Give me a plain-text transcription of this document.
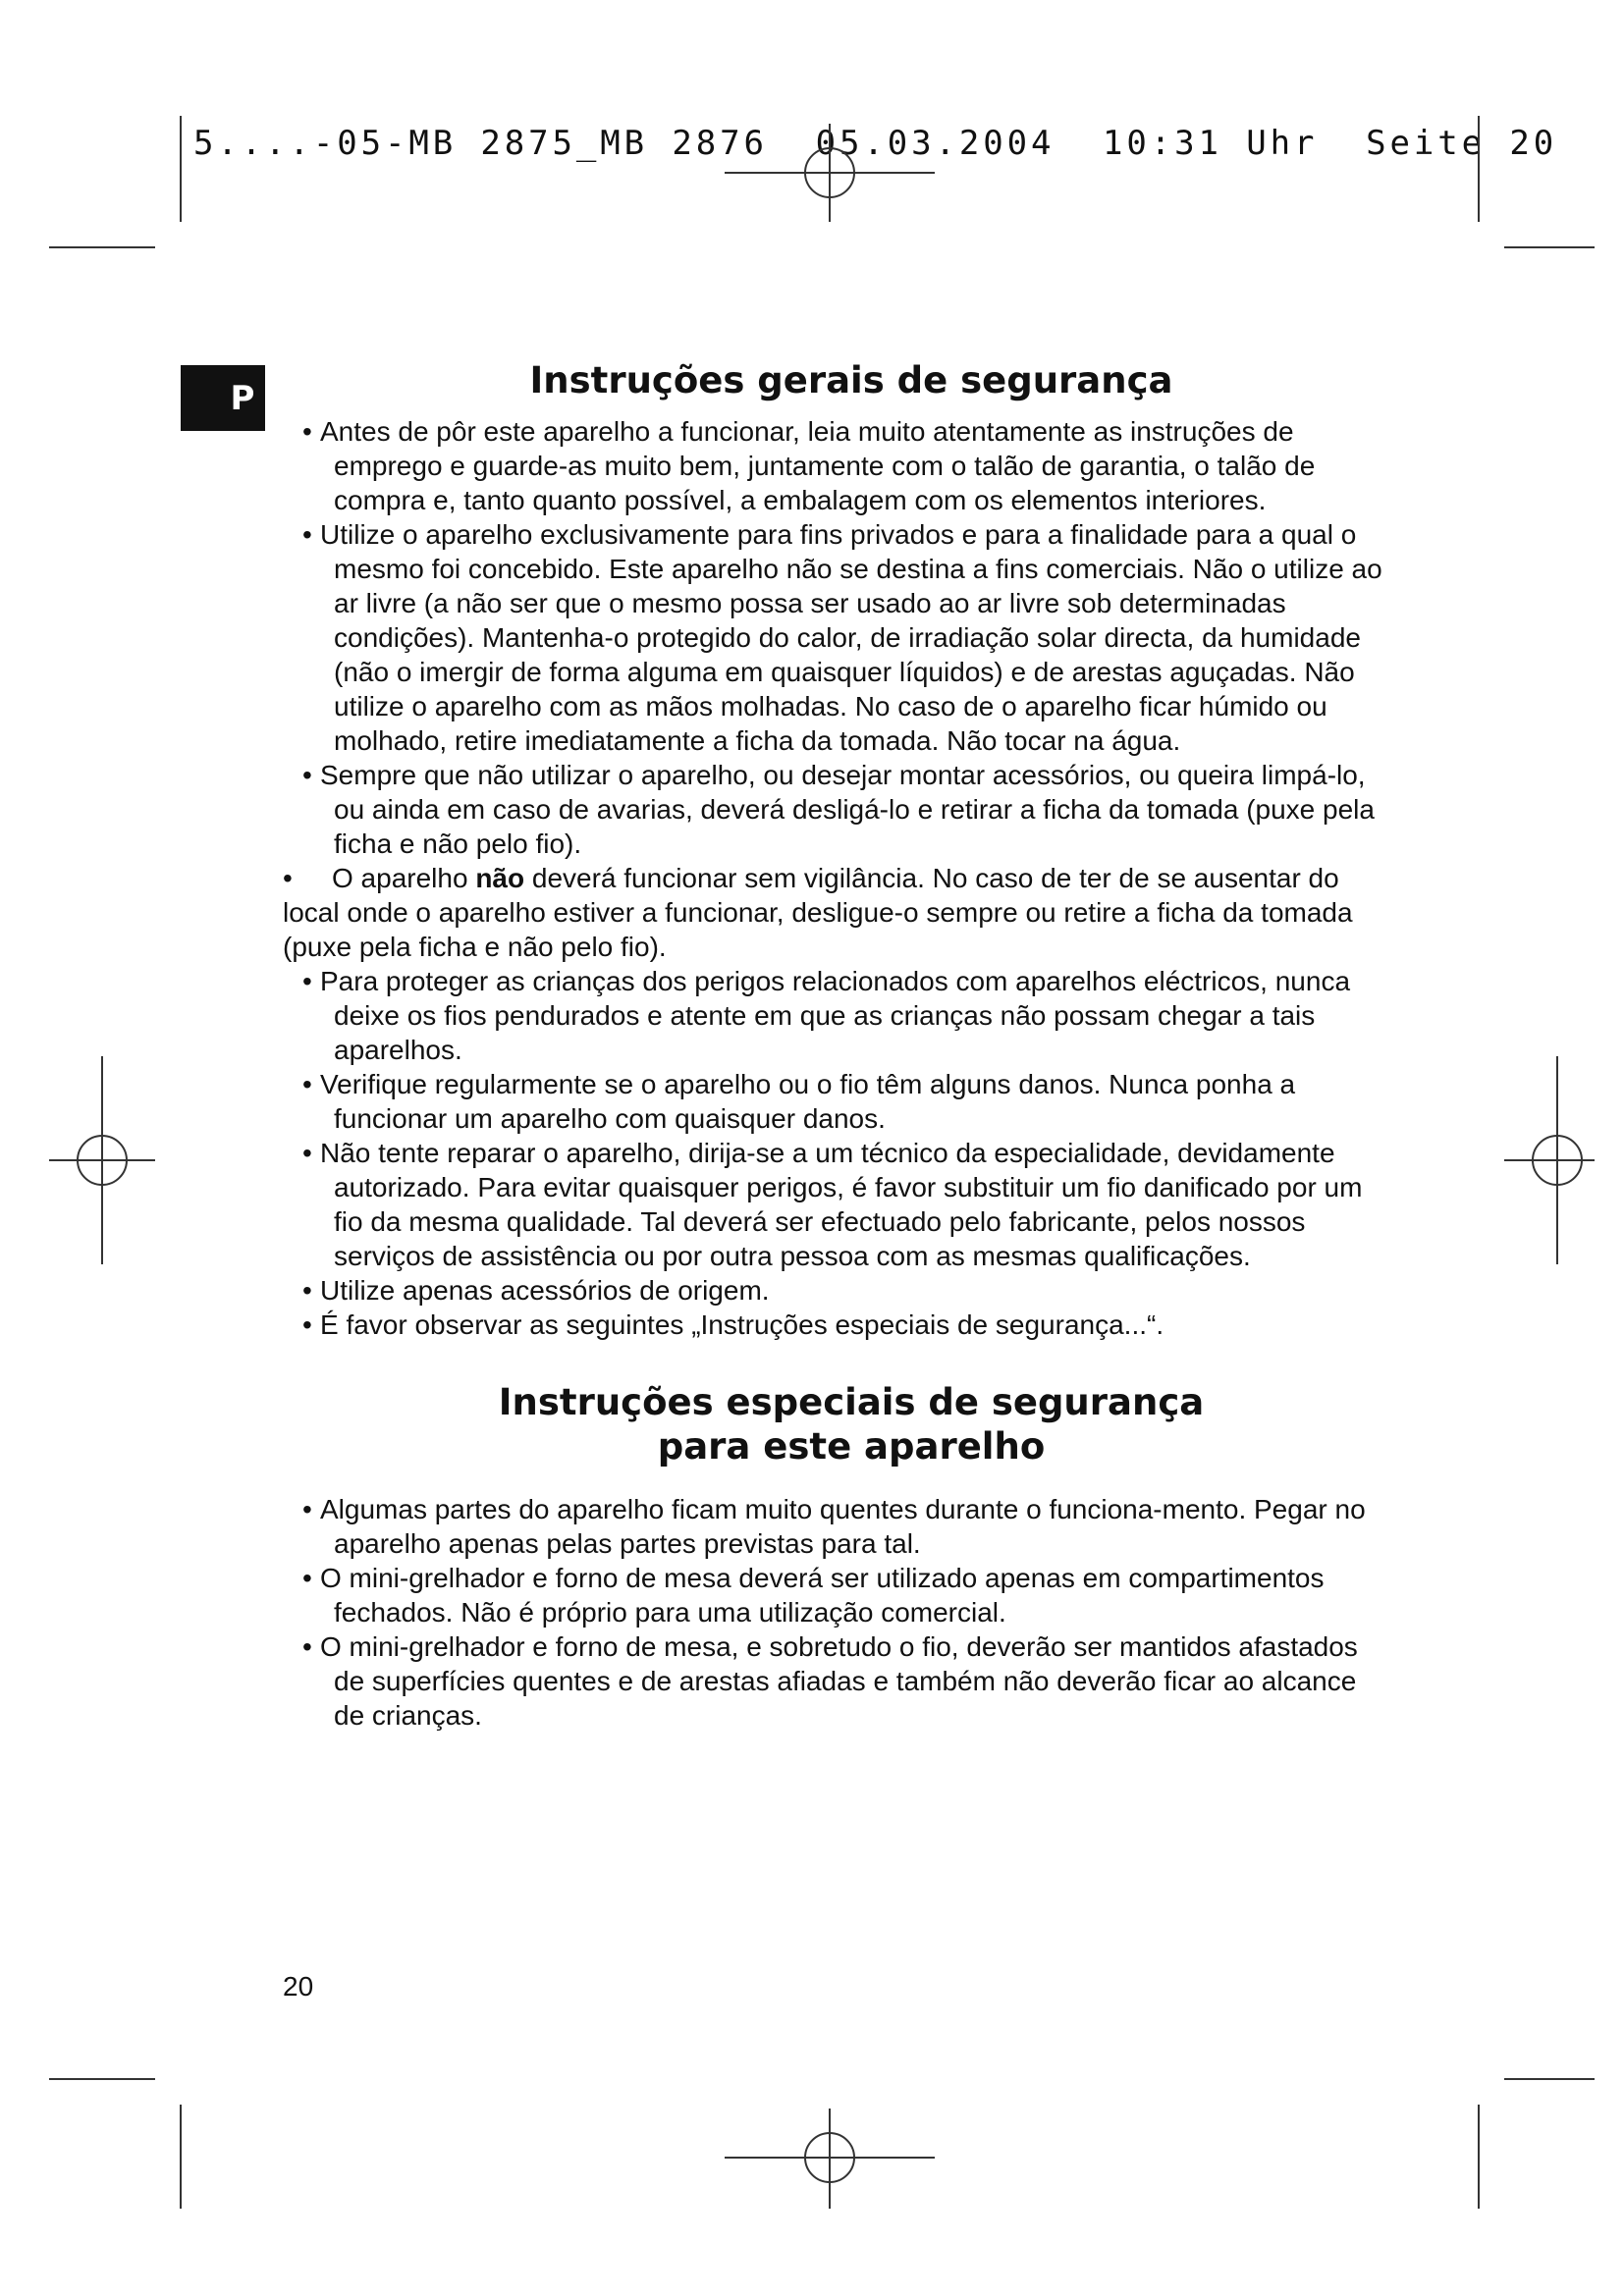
5....-05-MB 2875_MB 2876  05.03.2004  10:31 Uhr  Seite 20
P	Instruções gerais de segurança
• Antes de pôr este aparelho a funcionar, leia muito atentamente as instruções de emprego e guarde-as muito bem, juntamente com o talão de garantia, o talão de compra e, tanto quanto possível, a embalagem com os elementos interiores.
• Utilize o aparelho exclusivamente para fins privados e para a finalidade para a qual o mesmo foi concebido. Este aparelho não se destina a fins comerciais. Não o utilize ao ar livre (a não ser que o mesmo possa ser usado ao ar livre sob determinadas condições). Mantenha-o protegido do calor, de irradiação solar directa, da humidade (não o imergir de forma alguma em quaisquer líquidos) e de arestas aguçadas. Não utilize o aparelho com as mãos molhadas. No caso de o aparelho ficar húmido ou molhado, retire imediatamente a ficha da tomada. Não tocar na água.
• Sempre que não utilizar o aparelho, ou desejar montar acessórios, ou queira limpá-lo, ou ainda em caso de avarias, deverá desligá-lo e retirar a ficha da tomada (puxe pela ficha e não pelo fio).
• O aparelho não deverá funcionar sem vigilância. No caso de ter de se ausentar do local onde o aparelho estiver a funcionar, desligue-o sempre ou retire a ficha da tomada (puxe pela ficha e não pelo fio).
• Para proteger as crianças dos perigos relacionados com aparelhos eléctricos, nunca deixe os fios pendurados e atente em que as crianças não possam chegar a tais aparelhos.
• Verifique regularmente se o aparelho ou o fio têm alguns danos. Nunca ponha a funcionar um aparelho com quaisquer danos.
• Não tente reparar o aparelho, dirija-se a um técnico da especialidade, devidamente autorizado. Para evitar quaisquer perigos, é favor substituir um fio danificado por um fio da mesma qualidade. Tal deverá ser efectuado pelo fabricante, pelos nossos serviços de assistência ou por outra pessoa com as mesmas qualificações.
• Utilize apenas acessórios de origem.
• É favor observar as seguintes „Instruções especiais de segurança...“.
Instruções especiais de segurança
para este aparelho
• Algumas partes do aparelho ficam muito quentes durante o funciona-mento. Pegar no aparelho apenas pelas partes previstas para tal.
• O mini-grelhador e forno de mesa deverá ser utilizado apenas em compartimentos fechados. Não é próprio para uma utilização comercial.
• O mini-grelhador e forno de mesa, e sobretudo o fio, deverão ser mantidos afastados de superfícies quentes e de arestas afiadas e também não deverão ficar ao alcance de crianças.
20
